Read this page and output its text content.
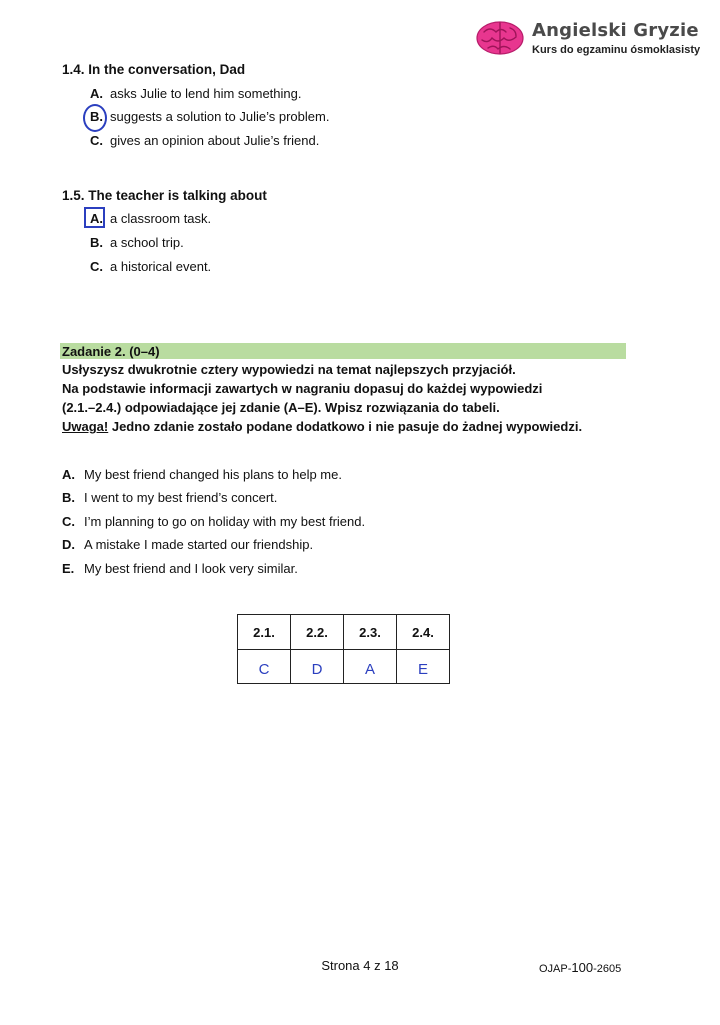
Angielski Gryzie
Kurs do egzaminu ósmoklasisty
1.4. In the conversation, Dad
A. asks Julie to lend him something.
B. suggests a solution to Julie’s problem.
C. gives an opinion about Julie’s friend.
1.5. The teacher is talking about
A. a classroom task.
B. a school trip.
C. a historical event.
Zadanie 2. (0–4)
Usłyszysz dwukrotnie cztery wypowiedzi na temat najlepszych przyjaciół.
Na podstawie informacji zawartych w nagraniu dopasuj do każdej wypowiedzi
(2.1.–2.4.) odpowiadające jej zdanie (A–E). Wpisz rozwiązania do tabeli.
Uwaga! Jedno zdanie zostało podane dodatkowo i nie pasuje do żadnej wypowiedzi.
A. My best friend changed his plans to help me.
B. I went to my best friend’s concert.
C. I’m planning to go on holiday with my best friend.
D. A mistake I made started our friendship.
E. My best friend and I look very similar.
2.1.	2.2.	2.3.	2.4.
C	D	A	E
Strona 4 z 18	OJAP-100-2605
